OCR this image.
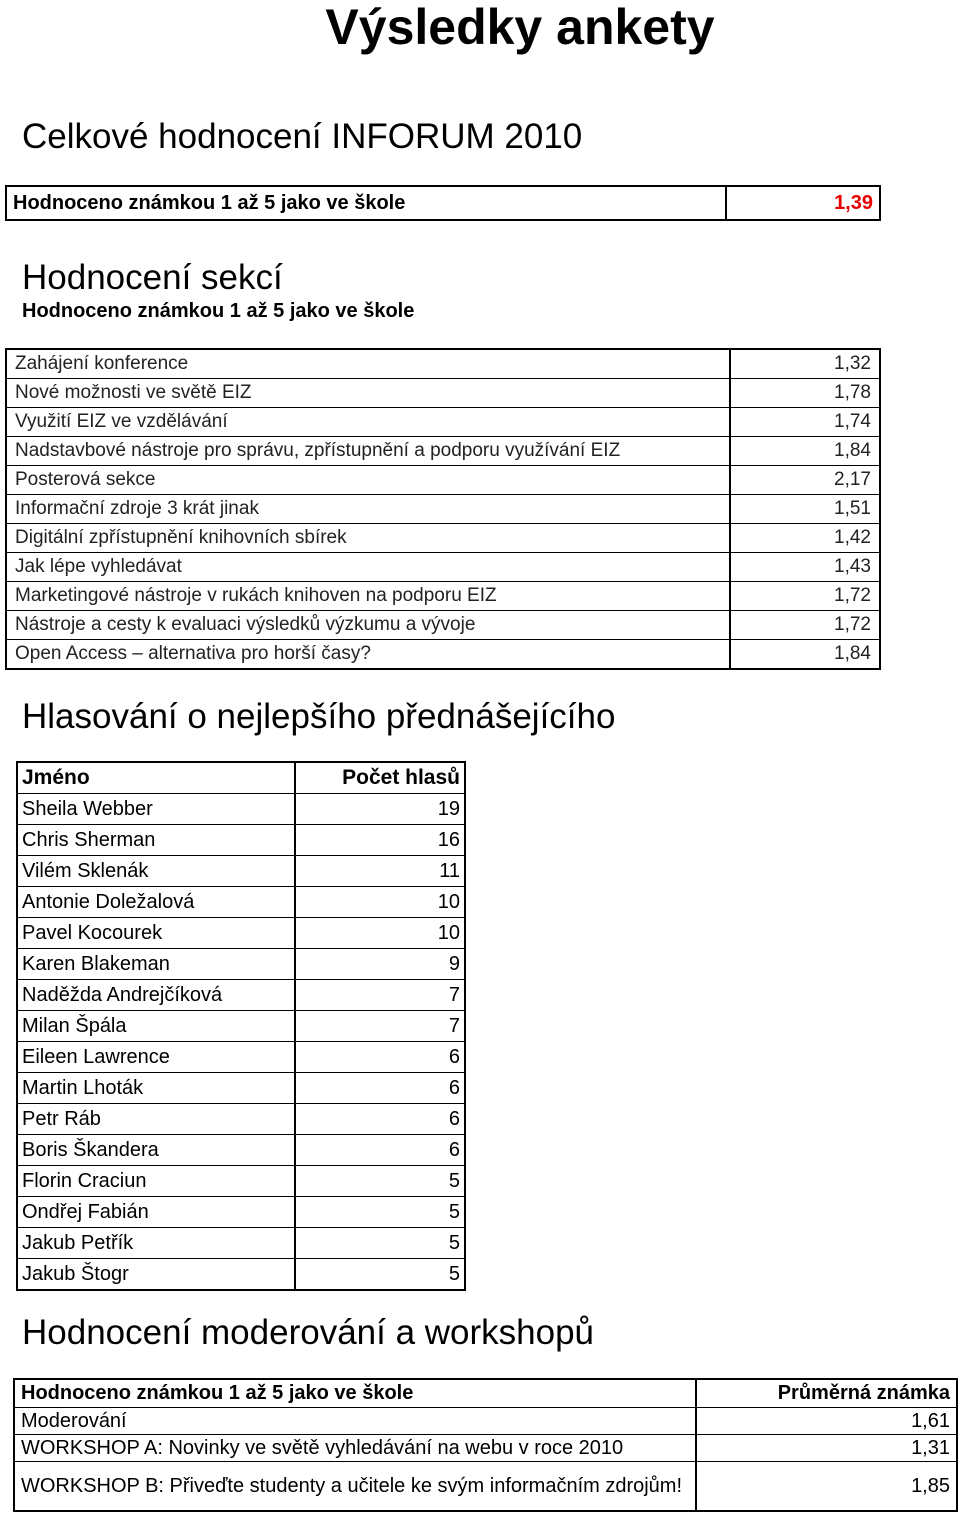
Výsledky ankety
Celkové hodnocení INFORUM 2010
Hodnoceno známkou 1 až 5 jako ve škole	1,39
Hodnocení sekcí
Hodnoceno známkou 1 až 5 jako ve škole
Zahájení konference	1,32
Nové možnosti ve světě EIZ	1,78
Využití EIZ ve vzdělávání	1,74
Nadstavbové nástroje pro správu, zpřístupnění a podporu využívání EIZ	1,84
Posterová sekce	2,17
Informační zdroje 3 krát jinak	1,51
Digitální zpřístupnění knihovních sbírek	1,42
Jak lépe vyhledávat	1,43
Marketingové nástroje v rukách knihoven na podporu EIZ	1,72
Nástroje a cesty k evaluaci výsledků výzkumu a vývoje	1,72
Open Access – alternativa pro horší časy?	1,84
Hlasování o nejlepšího přednášejícího
Jméno	Počet hlasů
Sheila Webber	19
Chris Sherman	16
Vilém Sklenák	11
Antonie Doležalová	10
Pavel Kocourek	10
Karen Blakeman	9
Naděžda Andrejčíková	7
Milan Špála	7
Eileen Lawrence	6
Martin Lhoták	6
Petr Ráb	6
Boris Škandera	6
Florin Craciun	5
Ondřej Fabián	5
Jakub Petřík	5
Jakub Štogr	5
Hodnocení moderování a workshopů
Hodnoceno známkou 1 až 5 jako ve škole	Průměrná známka
Moderování	1,61
WORKSHOP A: Novinky ve světě vyhledávání na webu v roce 2010	1,31
WORKSHOP B: Přiveďte studenty a učitele ke svým informačním zdrojům!	1,85
